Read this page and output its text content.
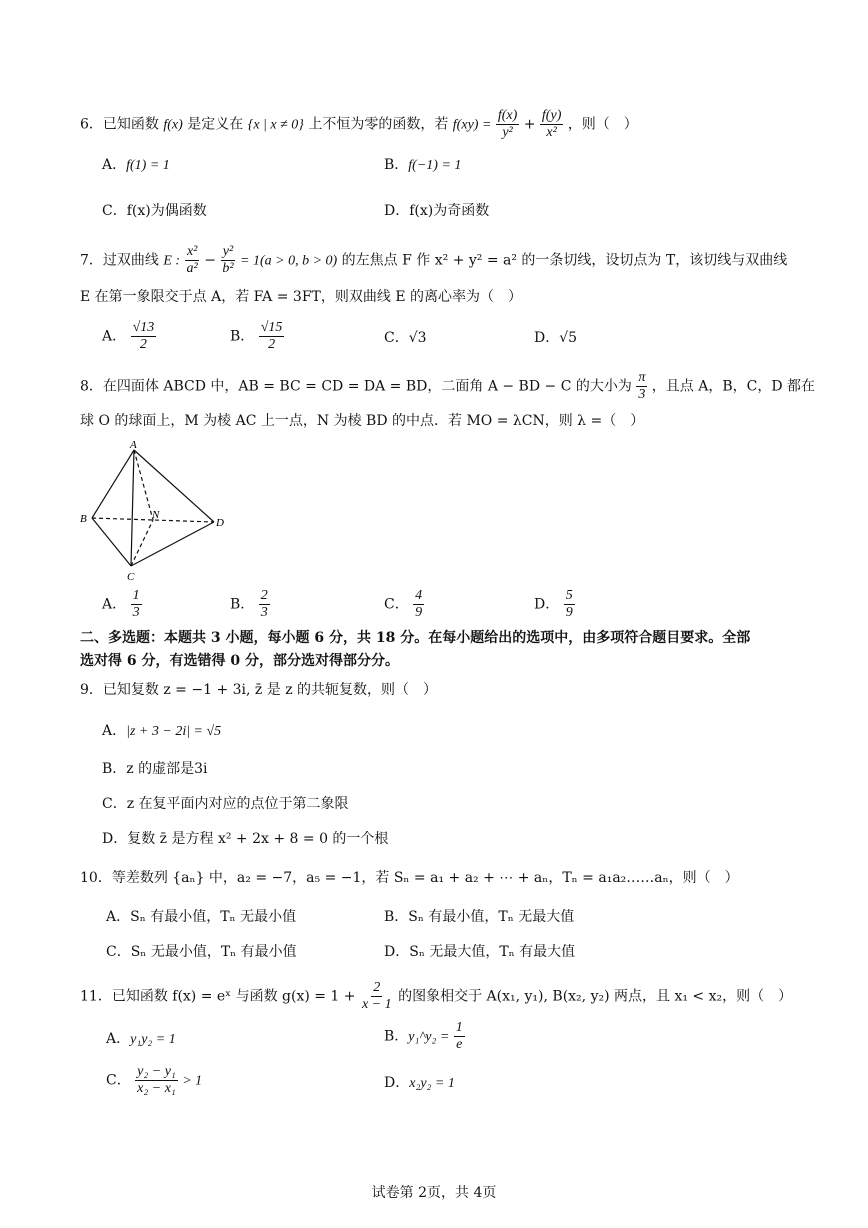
6．已知函数 f(x) 是定义在 {x | x ≠ 0} 上不恒为零的函数，若 $f(xy) = \frac{f(x)}{\text{y²}} + \frac{f(y)}{\text{x²}}$ ，则（　）
A．f(1) = 1	B．f(−1) = 1
C．f(x)为偶函数	D．f(x)为奇函数
7．过双曲线 E : $\frac{\text{x²}}{\text{a²}} - \frac{\text{y²}}{\text{b²}} = 1(a > 0$, b > 0) 的左焦点 F 作 x² + y² = a² 的一条切线，设切点为 T，该切线与双曲线
E 在第一象限交于点 A，若 FA = 3FT，则双曲线 E 的离心率为（　）
A． $\frac{√13}{2}$	B． $\frac{√15}{2}$	C．√3	D．√5
8．在四面体 ABCD 中，AB = BC = CD = DA = BD，二面角 A − BD − C 的大小为 $\frac{\pi}{3}$ ，且点 A，B，C，D 都在
球 O 的球面上，M 为棱 AC 上一点，N 为棱 BD 的中点．若 MO = λCN，则 λ =（　）
A
B	N
D
C
A． $\frac{1}{3}$	B． $\frac{2}{3}$	C． $\frac{4}{9}$	D． $\frac{5}{9}$
二、多选题：本题共 3 小题，每小题 6 分，共 18 分。在每小题给出的选项中，由多项符合题目要求。全部
选对得 6 分，有选错得 0 分，部分选对得部分分。
9．已知复数 z = −1 + 3i, z̄ 是 z 的共轭复数，则（　）
A．|z + 3 − 2i| = √5
B．z 的虚部是3i
C．z 在复平面内对应的点位于第二象限
D．复数 z̄ 是方程 x² + 2x + 8 = 0 的一个根
10．等差数列 {aₙ} 中，a₂ = −7，a₅ = −1，若 Sₙ = a₁ + a₂ + ⋯ + aₙ，Tₙ = a₁a₂……aₙ，则（　）
A．Sₙ 有最小值，Tₙ 无最小值	B．Sₙ 有最小值，Tₙ 无最大值
C．Sₙ 无最小值，Tₙ 有最小值	D．Sₙ 无最大值，Tₙ 有最大值
11．已知函数 f(x) = eˣ 与函数 $g(x) = 1 + \frac{2}{x - 1}$ 的图象相交于 A(x₁, y₁), B(x₂, y₂) 两点，且 x₁ < x₂，则（　）
A．y₁y₂ = 1	B．y₁^y₂ = $\frac{1}{e}$
C． $\frac{\text{y₂ − y₁}}{\text{x₂ − x₁}} > 1$	D．x₂y₂ = 1
试卷第 2页，共 4页
